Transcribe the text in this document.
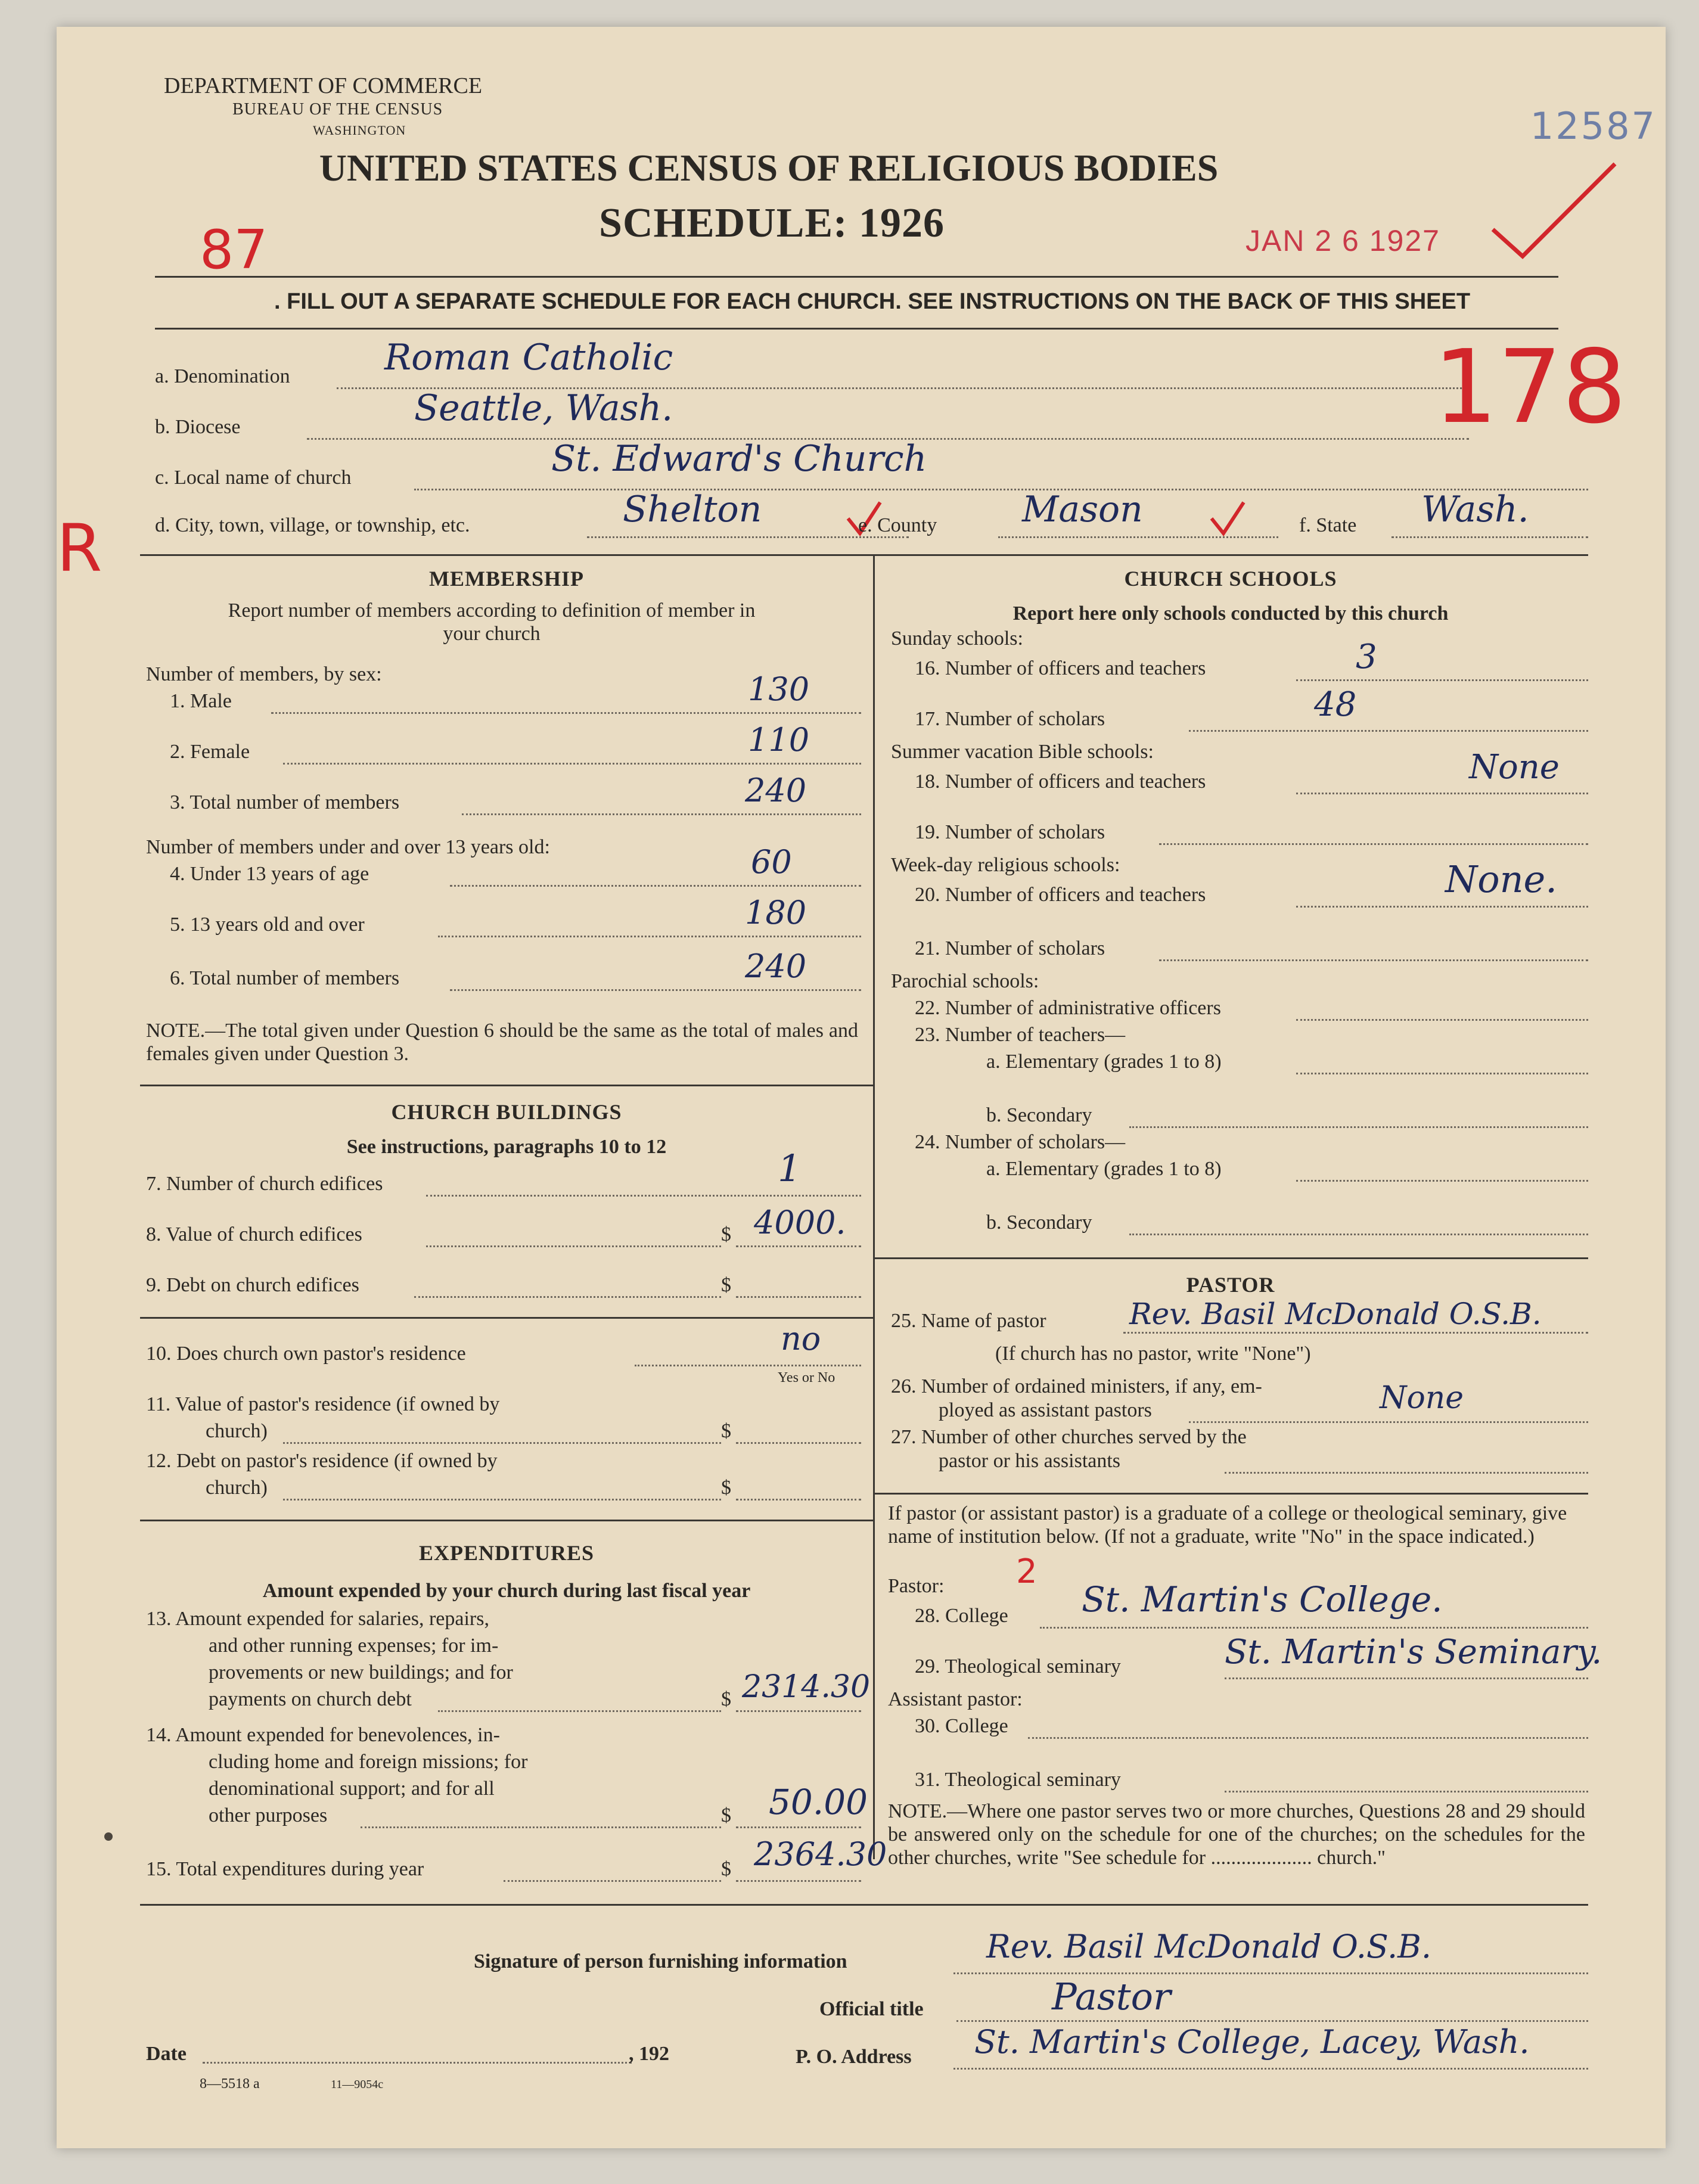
DEPARTMENT OF COMMERCE
BUREAU OF THE CENSUS
WASHINGTON	12587
UNITED STATES CENSUS OF RELIGIOUS BODIES
SCHEDULE: 1926	JAN 2 6 1927
87
. FILL OUT A SEPARATE SCHEDULE FOR EACH CHURCH. SEE INSTRUCTIONS ON THE BACK OF THIS SHEET
a. Denomination	Roman Catholic	178
b. Diocese	Seattle, Wash.
c. Local name of church	St. Edward's Church
R	d. City, town, village, or township, etc.	Shelton	e. County Mason	f. State Wash.
MEMBERSHIP
Report number of members according to definition of member in your church
Number of members, by sex:
1. Male	130
2. Female	110
3. Total number of members	240
Number of members under and over 13 years old:
4. Under 13 years of age	60
5. 13 years old and over	180
6. Total number of members	240
NOTE.—The total given under Question 6 should be the same as the total of males and females given under Question 3.
CHURCH BUILDINGS
See instructions, paragraphs 10 to 12
7. Number of church edifices	1
8. Value of church edifices	$ 4000.
9. Debt on church edifices	$
10. Does church own pastor's residence	no
Yes or No
11. Value of pastor's residence (if owned by
church)	$
12. Debt on pastor's residence (if owned by
church)	$
EXPENDITURES
Amount expended by your church during last fiscal year
13. Amount expended for salaries, repairs,
and other running expenses; for im-
provements or new buildings; and for
payments on church debt	$ 2314.30
14. Amount expended for benevolences, in-
cluding home and foreign missions; for
denominational support; and for all
other purposes	$ 50.00
15. Total expenditures during year	$ 2364.30
CHURCH SCHOOLS
Report here only schools conducted by this church
Sunday schools:
16. Number of officers and teachers	3
17. Number of scholars	48
Summer vacation Bible schools:
18. Number of officers and teachers	None
19. Number of scholars
Week-day religious schools:
20. Number of officers and teachers	None.
21. Number of scholars
Parochial schools:
22. Number of administrative officers
23. Number of teachers—
a. Elementary (grades 1 to 8)
b. Secondary
24. Number of scholars—
a. Elementary (grades 1 to 8)
b. Secondary
PASTOR
25. Name of pastor	Rev. Basil McDonald O.S.B.
(If church has no pastor, write "None")
26. Number of ordained ministers, if any, em-
ployed as assistant pastors	None
27. Number of other churches served by the
pastor or his assistants
If pastor (or assistant pastor) is a graduate of a college or theological seminary, give name of institution below. (If not a graduate, write "No" in the space indicated.)
Pastor: 2
28. College St. Martin's College.
29. Theological seminary	St. Martin's Seminary.
Assistant pastor:
30. College
31. Theological seminary
NOTE.—Where one pastor serves two or more churches, Questions 28 and 29 should be answered only on the schedule for one of the churches; on the schedules for the other churches, write "See schedule for .................... church."
Signature of person furnishing information	Rev. Basil McDonald O.S.B.
Official title	Pastor
Date	, 192
8—5518 a	11—9054c
P. O. Address St. Martin's College, Lacey, Wash.
